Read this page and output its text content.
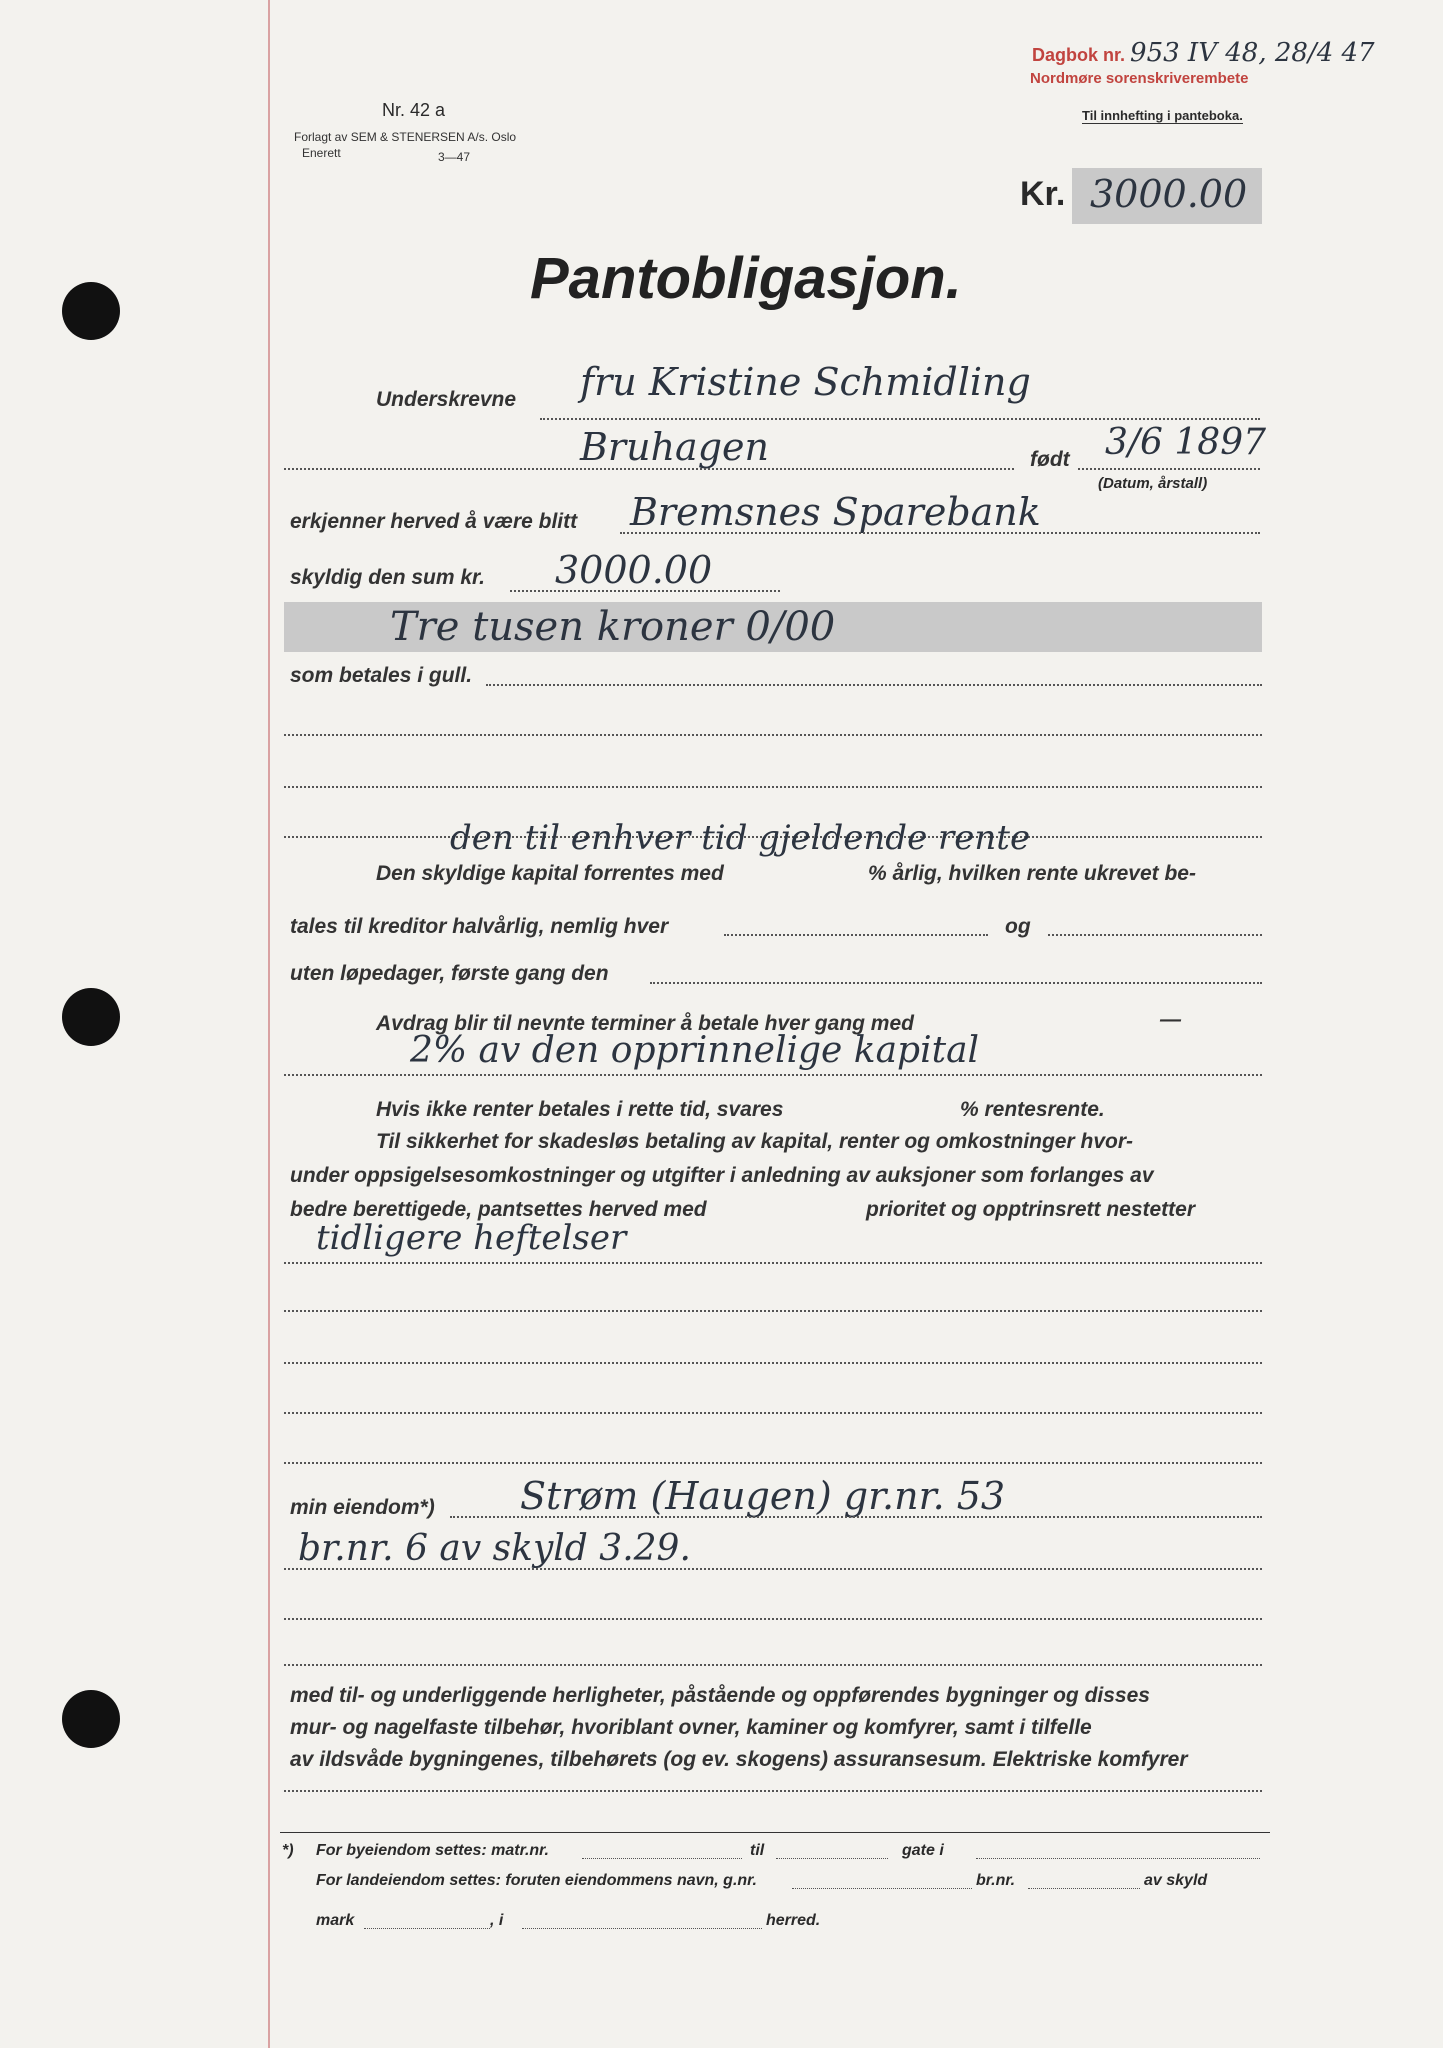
Dagbok nr. 953 IV 48, 28/4 47
Nordmøre sorenskriverembete
Nr. 42 a
Forlagt av SEM & STENERSEN A/s. Oslo
Enerett	3—47
Til innhefting i panteboka.
Kr. 3000.00
Pantobligasjon.
Underskrevne fru Kristine Schmidling
Bruhagen	født 3/6 1897
(Datum, årstall)
erkjenner herved å være blitt Bremsnes Sparebank
skyldig den sum kr. 3000.00
Tre tusen kroner 0/00
som betales i gull.
den til enhver tid gjeldende rente
Den skyldige kapital forrentes med	% årlig, hvilken rente ukrevet be-
tales til kreditor halvårlig, nemlig hver	og
uten løpedager, første gang den
Avdrag blir til nevnte terminer å betale hver gang med	—
2% av den opprinnelige kapital
Hvis ikke renter betales i rette tid, svares	% rentesrente.
Til sikkerhet for skadesløs betaling av kapital, renter og omkostninger hvor-
under oppsigelsesomkostninger og utgifter i anledning av auksjoner som forlanges av
bedre berettigede, pantsettes herved med	prioritet og opptrinsrett nestetter
tidligere heftelser
min eiendom*) Strøm (Haugen) gr.nr. 53
br.nr. 6 av skyld 3.29.
med til- og underliggende herligheter, påstående og oppførendes bygninger og disses
mur- og nagelfaste tilbehør, hvoriblant ovner, kaminer og komfyrer, samt i tilfelle
av ildsvåde bygningenes, tilbehørets (og ev. skogens) assuransesum. Elektriske komfyrer
*) For byeiendom settes: matr.nr.	til	gate i
For landeiendom settes: foruten eiendommens navn, g.nr.	br.nr.	av skyld
mark	, i	herred.
